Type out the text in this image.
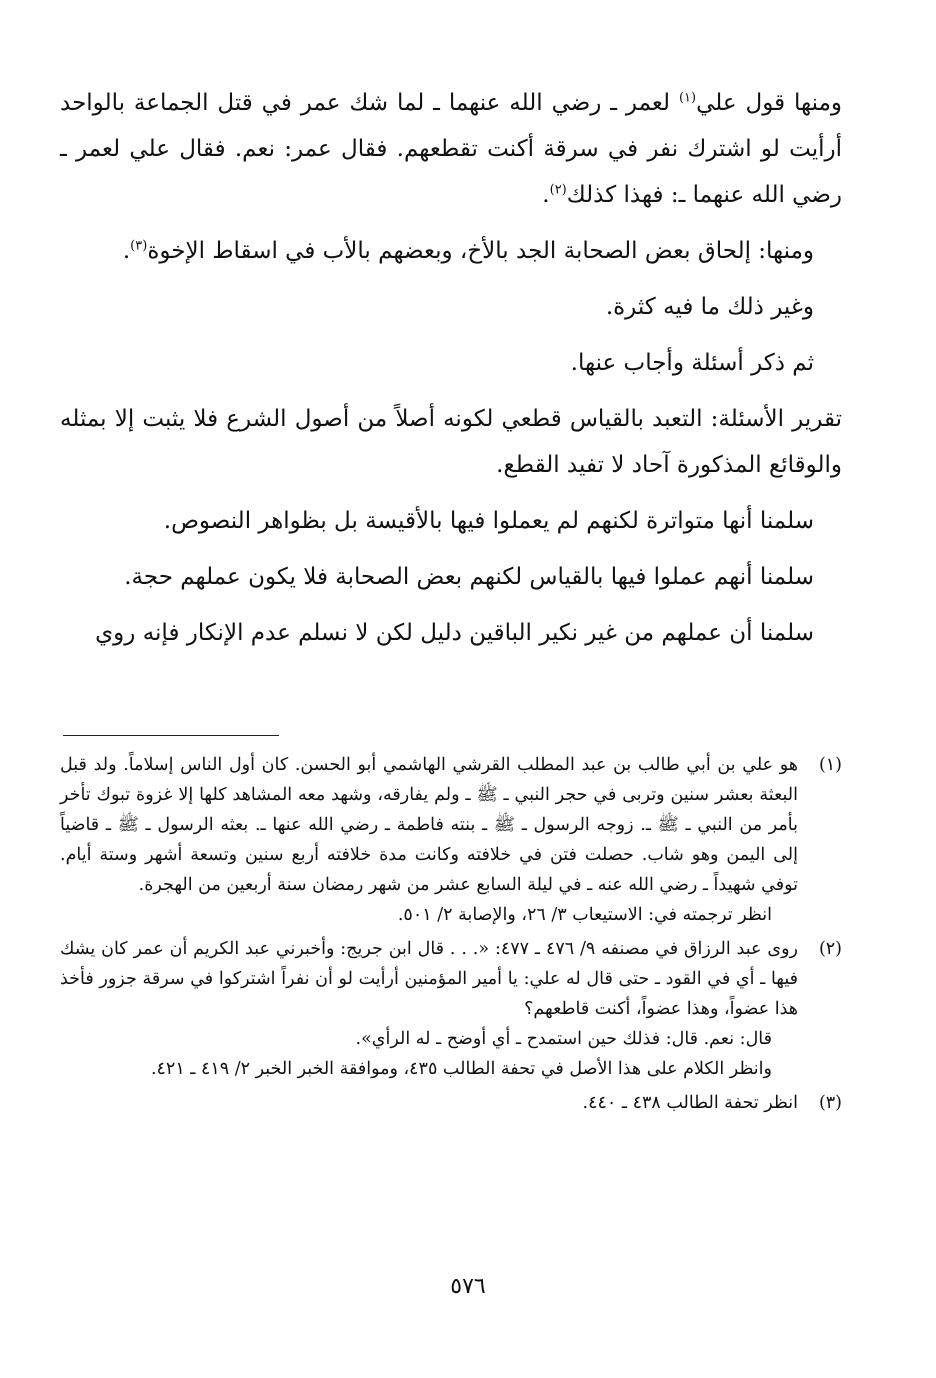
ومنها قول علي$^{(١)}$ لعمر ـ رضي الله عنهما ـ لما شك عمر في قتل الجماعة بالواحد أرأيت لو اشترك نفر في سرقة أكنت تقطعهم. فقال عمر: نعم. فقال علي لعمر ـ رضي الله عنهما ـ: فهذا كذلك$^{(٢)}$.

ومنها: إلحاق بعض الصحابة الجد بالأخ، وبعضهم بالأب في اسقاط الإخوة$^{(٣)}$.

وغير ذلك ما فيه كثرة.

ثم ذكر أسئلة وأجاب عنها.

تقرير الأسئلة: التعبد بالقياس قطعي لكونه أصلاً من أصول الشرع فلا يثبت إلا بمثله والوقائع المذكورة آحاد لا تفيد القطع.

سلمنا أنها متواترة لكنهم لم يعملوا فيها بالأقيسة بل بظواهر النصوص.

سلمنا أنهم عملوا فيها بالقياس لكنهم بعض الصحابة فلا يكون عملهم حجة.

سلمنا أن عملهم من غير نكير الباقين دليل لكن لا نسلم عدم الإنكار فإنه روي

(١)
هو علي بن أبي طالب بن عبد المطلب القرشي الهاشمي أبو الحسن. كان أول الناس إسلاماً. ولد قبل البعثة بعشر سنين وتربى في حجر النبي ـ ﷺ ـ ولم يفارقه، وشهد معه المشاهد كلها إلا غزوة تبوك تأخر بأمر من النبي ـ ﷺ ـ. زوجه الرسول ـ ﷺ ـ بنته فاطمة ـ رضي الله عنها ـ. بعثه الرسول ـ ﷺ ـ قاضياً إلى اليمن وهو شاب. حصلت فتن في خلافته وكانت مدة خلافته أربع سنين وتسعة أشهر وستة أيام. توفي شهيداً ـ رضي الله عنه ـ في ليلة السابع عشر من شهر رمضان سنة أربعين من الهجرة.
انظر ترجمته في: الاستيعاب ٣/ ٢٦، والإصابة ٢/ ٥٠١.
(٢)
روى عبد الرزاق في مصنفه ٩/ ٤٧٦ ـ ٤٧٧: «. . . قال ابن جريج: وأخبرني عبد الكريم أن عمر كان يشك فيها ـ أي في القود ـ حتى قال له علي: يا أمير المؤمنين أرأيت لو أن نفراً اشتركوا في سرقة جزور فأخذ هذا عضواً، وهذا عضواً، أكنت قاطعهم؟
قال: نعم. قال: فذلك حين استمدح ـ أي أوضح ـ له الرأي».
وانظر الكلام على هذا الأصل في تحفة الطالب ٤٣٥، وموافقة الخبر الخبر ٢/ ٤١٩ ـ ٤٢١.
(٣)
انظر تحفة الطالب ٤٣٨ ـ ٤٤٠.
٥٧٦
